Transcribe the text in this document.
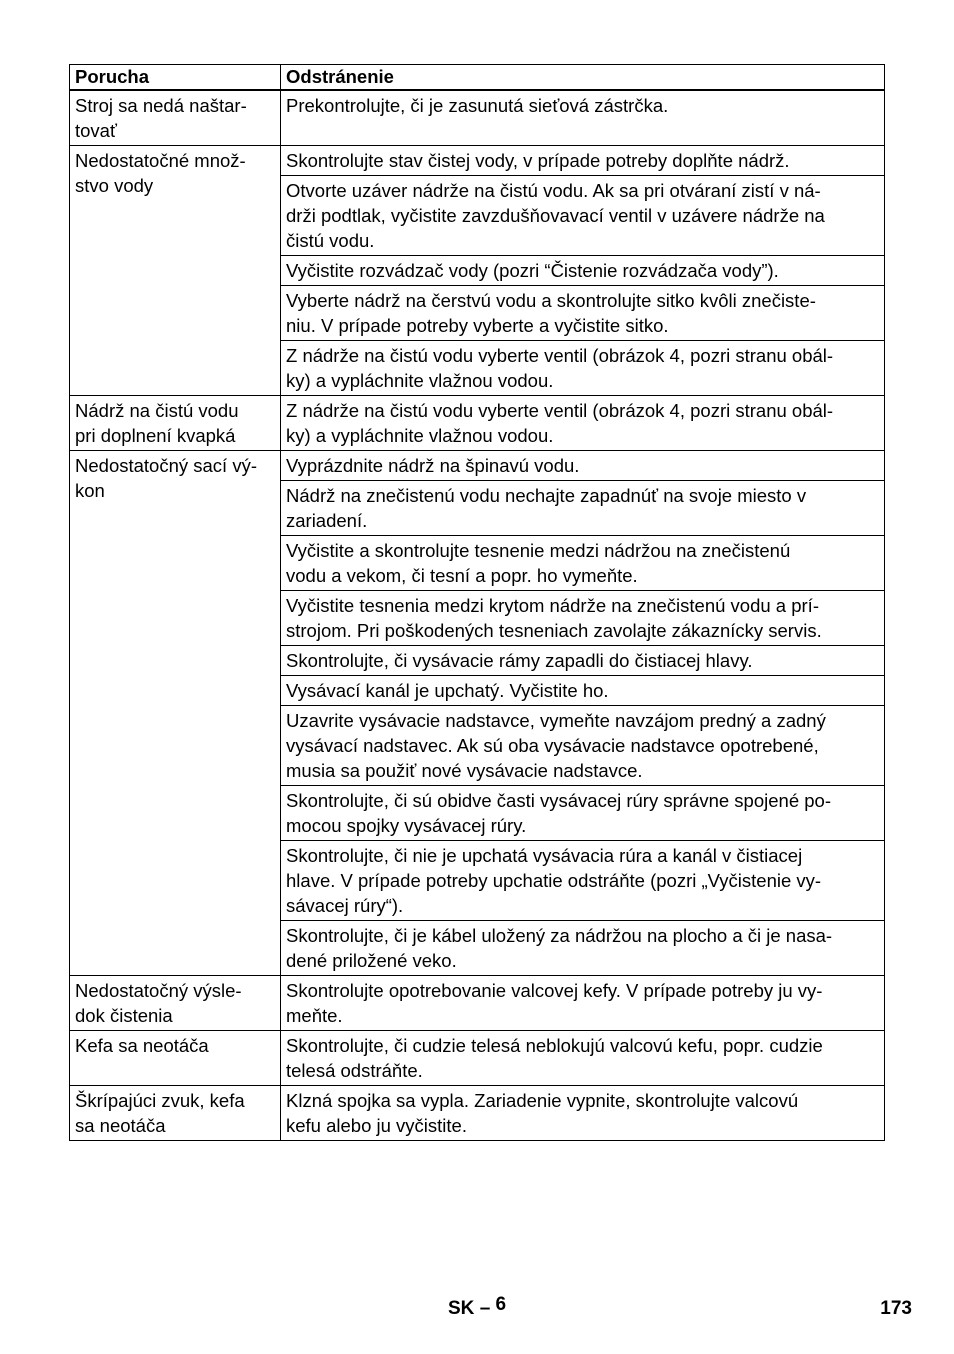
Porucha	Odstránenie
Stroj sa nedá naštar-
tovať	Prekontrolujte, či je zasunutá sieťová zástrčka.

Nedostatočné množ-
stvo vody	Skontrolujte stav čistej vody, v prípade potreby doplňte nádrž.
	Otvorte uzáver nádrže na čistú vodu. Ak sa pri otváraní zistí v ná-
drži podtlak, vyčistite zavzdušňovavací ventil v uzávere nádrže na
čistú vodu.
	Vyčistite rozvádzač vody (pozri “Čistenie rozvádzača vody”).
	Vyberte nádrž na čerstvú vodu a skontrolujte sitko kvôli znečiste-
niu. V prípade potreby vyberte a vyčistite sitko.
	Z nádrže na čistú vodu vyberte ventil (obrázok 4, pozri stranu obál-
ky) a vypláchnite vlažnou vodou.
Nádrž na čistú vodu
pri doplnení kvapká	Z nádrže na čistú vodu vyberte ventil (obrázok 4, pozri stranu obál-
ky) a vypláchnite vlažnou vodou.
Nedostatočný sací vý-
kon	Vyprázdnite nádrž na špinavú vodu.
	Nádrž na znečistenú vodu nechajte zapadnúť na svoje miesto v
zariadení.
	Vyčistite a skontrolujte tesnenie medzi nádržou na znečistenú
vodu a vekom, či tesní a popr. ho vymeňte.
	Vyčistite tesnenia medzi krytom nádrže na znečistenú vodu a prí-
strojom. Pri poškodených tesneniach zavolajte zákaznícky servis.
	Skontrolujte, či vysávacie rámy zapadli do čistiacej hlavy.
	Vysávací kanál je upchatý. Vyčistite ho.
	Uzavrite vysávacie nadstavce, vymeňte navzájom predný a zadný
vysávací nadstavec. Ak sú oba vysávacie nadstavce opotrebené,
musia sa použiť nové vysávacie nadstavce.
	Skontrolujte, či sú obidve časti vysávacej rúry správne spojené po-
mocou spojky vysávacej rúry.
	Skontrolujte, či nie je upchatá vysávacia rúra a kanál v čistiacej
hlave. V prípade potreby upchatie odstráňte (pozri „Vyčistenie vy-
sávacej rúry“).
	Skontrolujte, či je kábel uložený za nádržou na plocho a či je nasa-
dené priložené veko.
Nedostatočný výsle-
dok čistenia	Skontrolujte opotrebovanie valcovej kefy. V prípade potreby ju vy-
meňte.
Kefa sa neotáča	Skontrolujte, či cudzie telesá neblokujú valcovú kefu, popr. cudzie
telesá odstráňte.
Škrípajúci zvuk, kefa
sa neotáča	Klzná spojka sa vypla. Zariadenie vypnite, skontrolujte valcovú
kefu alebo ju vyčistite.
SK – 6	173
